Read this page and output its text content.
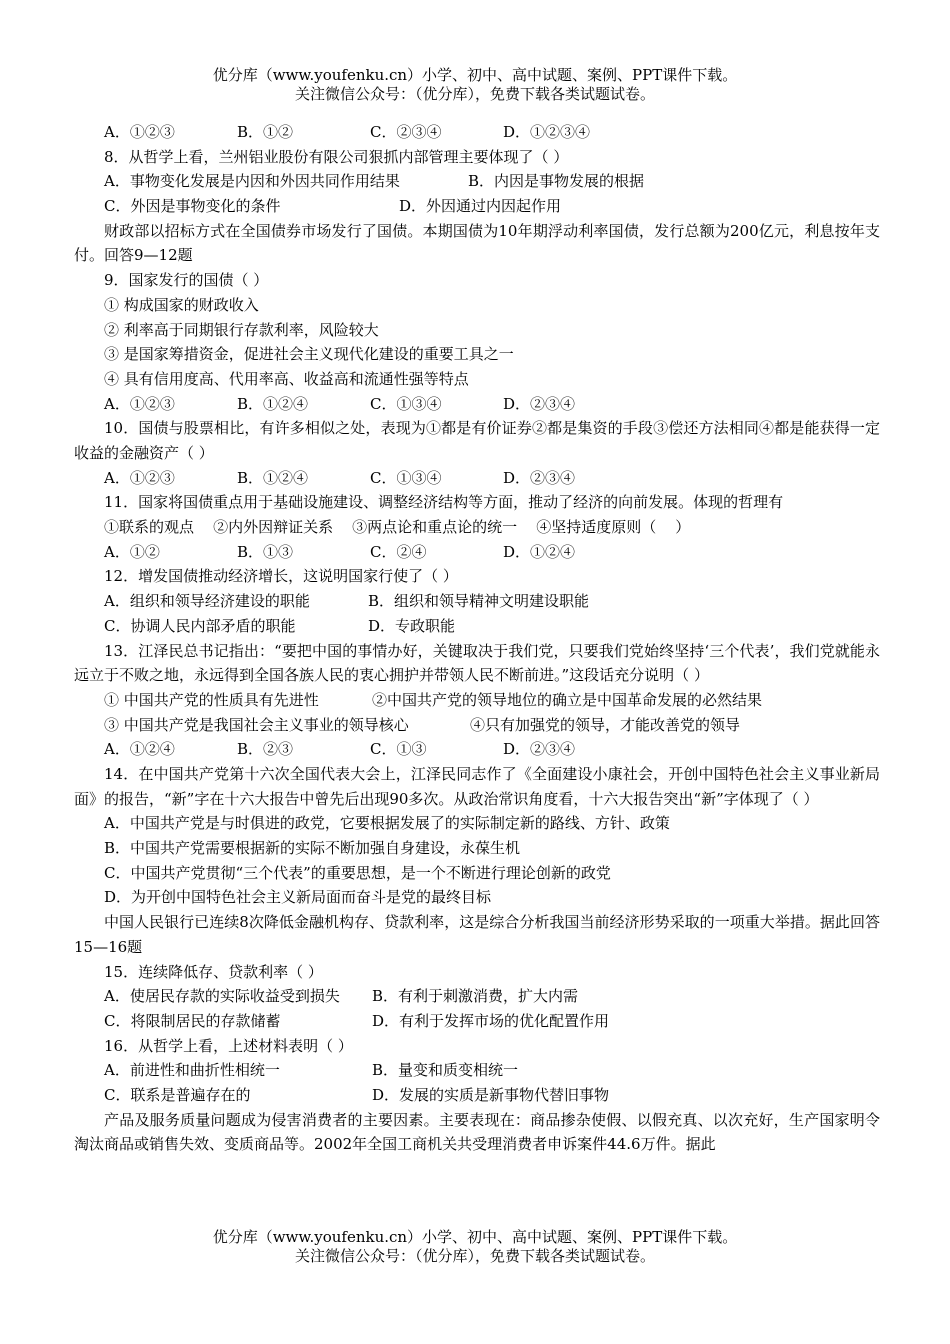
优分库（www.youfenku.cn）小学、初中、高中试题、案例、PPT课件下载。
关注微信公众号：（优分库），免费下载各类试题试卷。
A．①②③	B．①②	C．②③④	D．①②③④
8．从哲学上看，兰州铝业股份有限公司狠抓内部管理主要体现了（ ）
A．事物变化发展是内因和外因共同作用结果	B．内因是事物发展的根据
C．外因是事物变化的条件	D．外因通过内因起作用
财政部以招标方式在全国债券市场发行了国债。本期国债为10年期浮动利率国债，发行总额为200亿元，利息按年支付。回答9—12题
9．国家发行的国债（ ）
① 构成国家的财政收入
② 利率高于同期银行存款利率，风险较大
③ 是国家筹措资金，促进社会主义现代化建设的重要工具之一
④ 具有信用度高、代用率高、收益高和流通性强等特点
A．①②③	B．①②④	C．①③④	D．②③④
10．国债与股票相比，有许多相似之处，表现为①都是有价证券②都是集资的手段③偿还方法相同④都是能获得一定收益的金融资产（ ）
A．①②③	B．①②④	C．①③④	D．②③④
11．国家将国债重点用于基础设施建设、调整经济结构等方面，推动了经济的向前发展。体现的哲理有
①联系的观点    ②内外因辩证关系    ③两点论和重点论的统一    ④坚持适度原则（    ）
A．①②	B．①③	C．②④	D．①②④
12．增发国债推动经济增长，这说明国家行使了（ ）
A．组织和领导经济建设的职能	B．组织和领导精神文明建设职能
C．协调人民内部矛盾的职能	D．专政职能
13．江泽民总书记指出：“要把中国的事情办好，关键取决于我们党，只要我们党始终坚持‘三个代表’，我们党就能永远立于不败之地，永远得到全国各族人民的衷心拥护并带领人民不断前进。”这段话充分说明（ ）
① 中国共产党的性质具有先进性	②中国共产党的领导地位的确立是中国革命发展的必然结果
③ 中国共产党是我国社会主义事业的领导核心	④只有加强党的领导，才能改善党的领导
A．①②④	B．②③	C．①③	D．②③④
14．在中国共产党第十六次全国代表大会上，江泽民同志作了《全面建设小康社会，开创中国特色社会主义事业新局面》的报告，“新”字在十六大报告中曾先后出现90多次。从政治常识角度看，十六大报告突出“新”字体现了（ ）
A．中国共产党是与时俱进的政党，它要根据发展了的实际制定新的路线、方针、政策
B．中国共产党需要根据新的实际不断加强自身建设，永葆生机
C．中国共产党贯彻“三个代表”的重要思想，是一个不断进行理论创新的政党
D．为开创中国特色社会主义新局面而奋斗是党的最终目标
中国人民银行已连续8次降低金融机构存、贷款利率，这是综合分析我国当前经济形势采取的一项重大举措。据此回答15—16题
15．连续降低存、贷款利率（ ）
A．使居民存款的实际收益受到损失 B．有利于刺激消费，扩大内需
C．将限制居民的存款储蓄	D．有利于发挥市场的优化配置作用
16．从哲学上看，上述材料表明（ ）
A．前进性和曲折性相统一	B．量变和质变相统一
C．联系是普遍存在的	D．发展的实质是新事物代替旧事物
产品及服务质量问题成为侵害消费者的主要因素。主要表现在：商品掺杂使假、以假充真、以次充好，生产国家明令淘汰商品或销售失效、变质商品等。2002年全国工商机关共受理消费者申诉案件44.6万件。据此
优分库（www.youfenku.cn）小学、初中、高中试题、案例、PPT课件下载。
关注微信公众号：（优分库），免费下载各类试题试卷。
